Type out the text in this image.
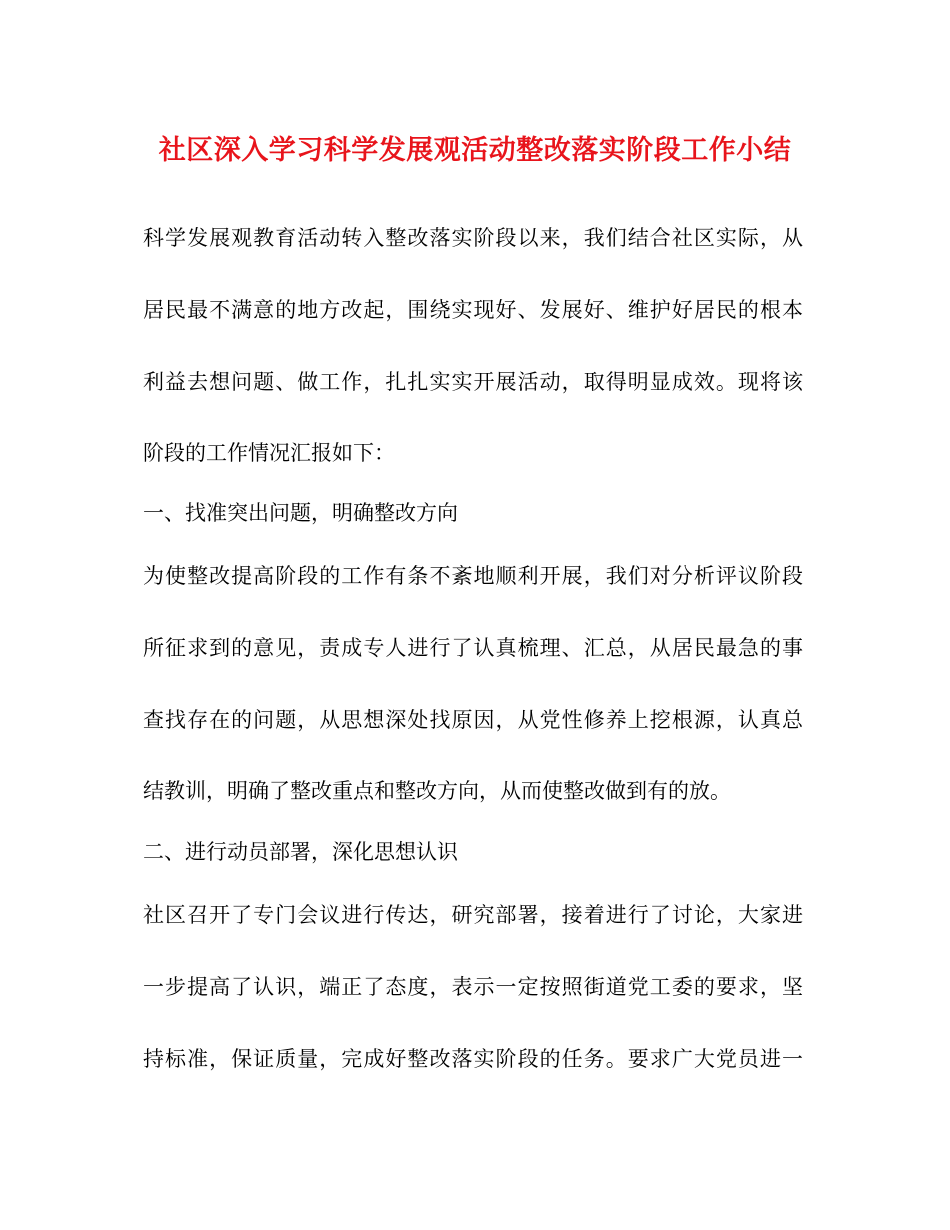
社区深入学习科学发展观活动整改落实阶段工作小结
科学发展观教育活动转入整改落实阶段以来，我们结合社区实际，从
居民最不满意的地方改起，围绕实现好、发展好、维护好居民的根本
利益去想问题、做工作，扎扎实实开展活动，取得明显成效。现将该
阶段的工作情况汇报如下：
一、找准突出问题，明确整改方向
为使整改提高阶段的工作有条不紊地顺利开展，我们对分析评议阶段
所征求到的意见，责成专人进行了认真梳理、汇总，从居民最急的事
查找存在的问题，从思想深处找原因，从党性修养上挖根源，认真总
结教训，明确了整改重点和整改方向，从而使整改做到有的放。
二、进行动员部署，深化思想认识
社区召开了专门会议进行传达，研究部署，接着进行了讨论，大家进
一步提高了认识，端正了态度，表示一定按照街道党工委的要求，坚
持标准，保证质量，完成好整改落实阶段的任务。要求广大党员进一
